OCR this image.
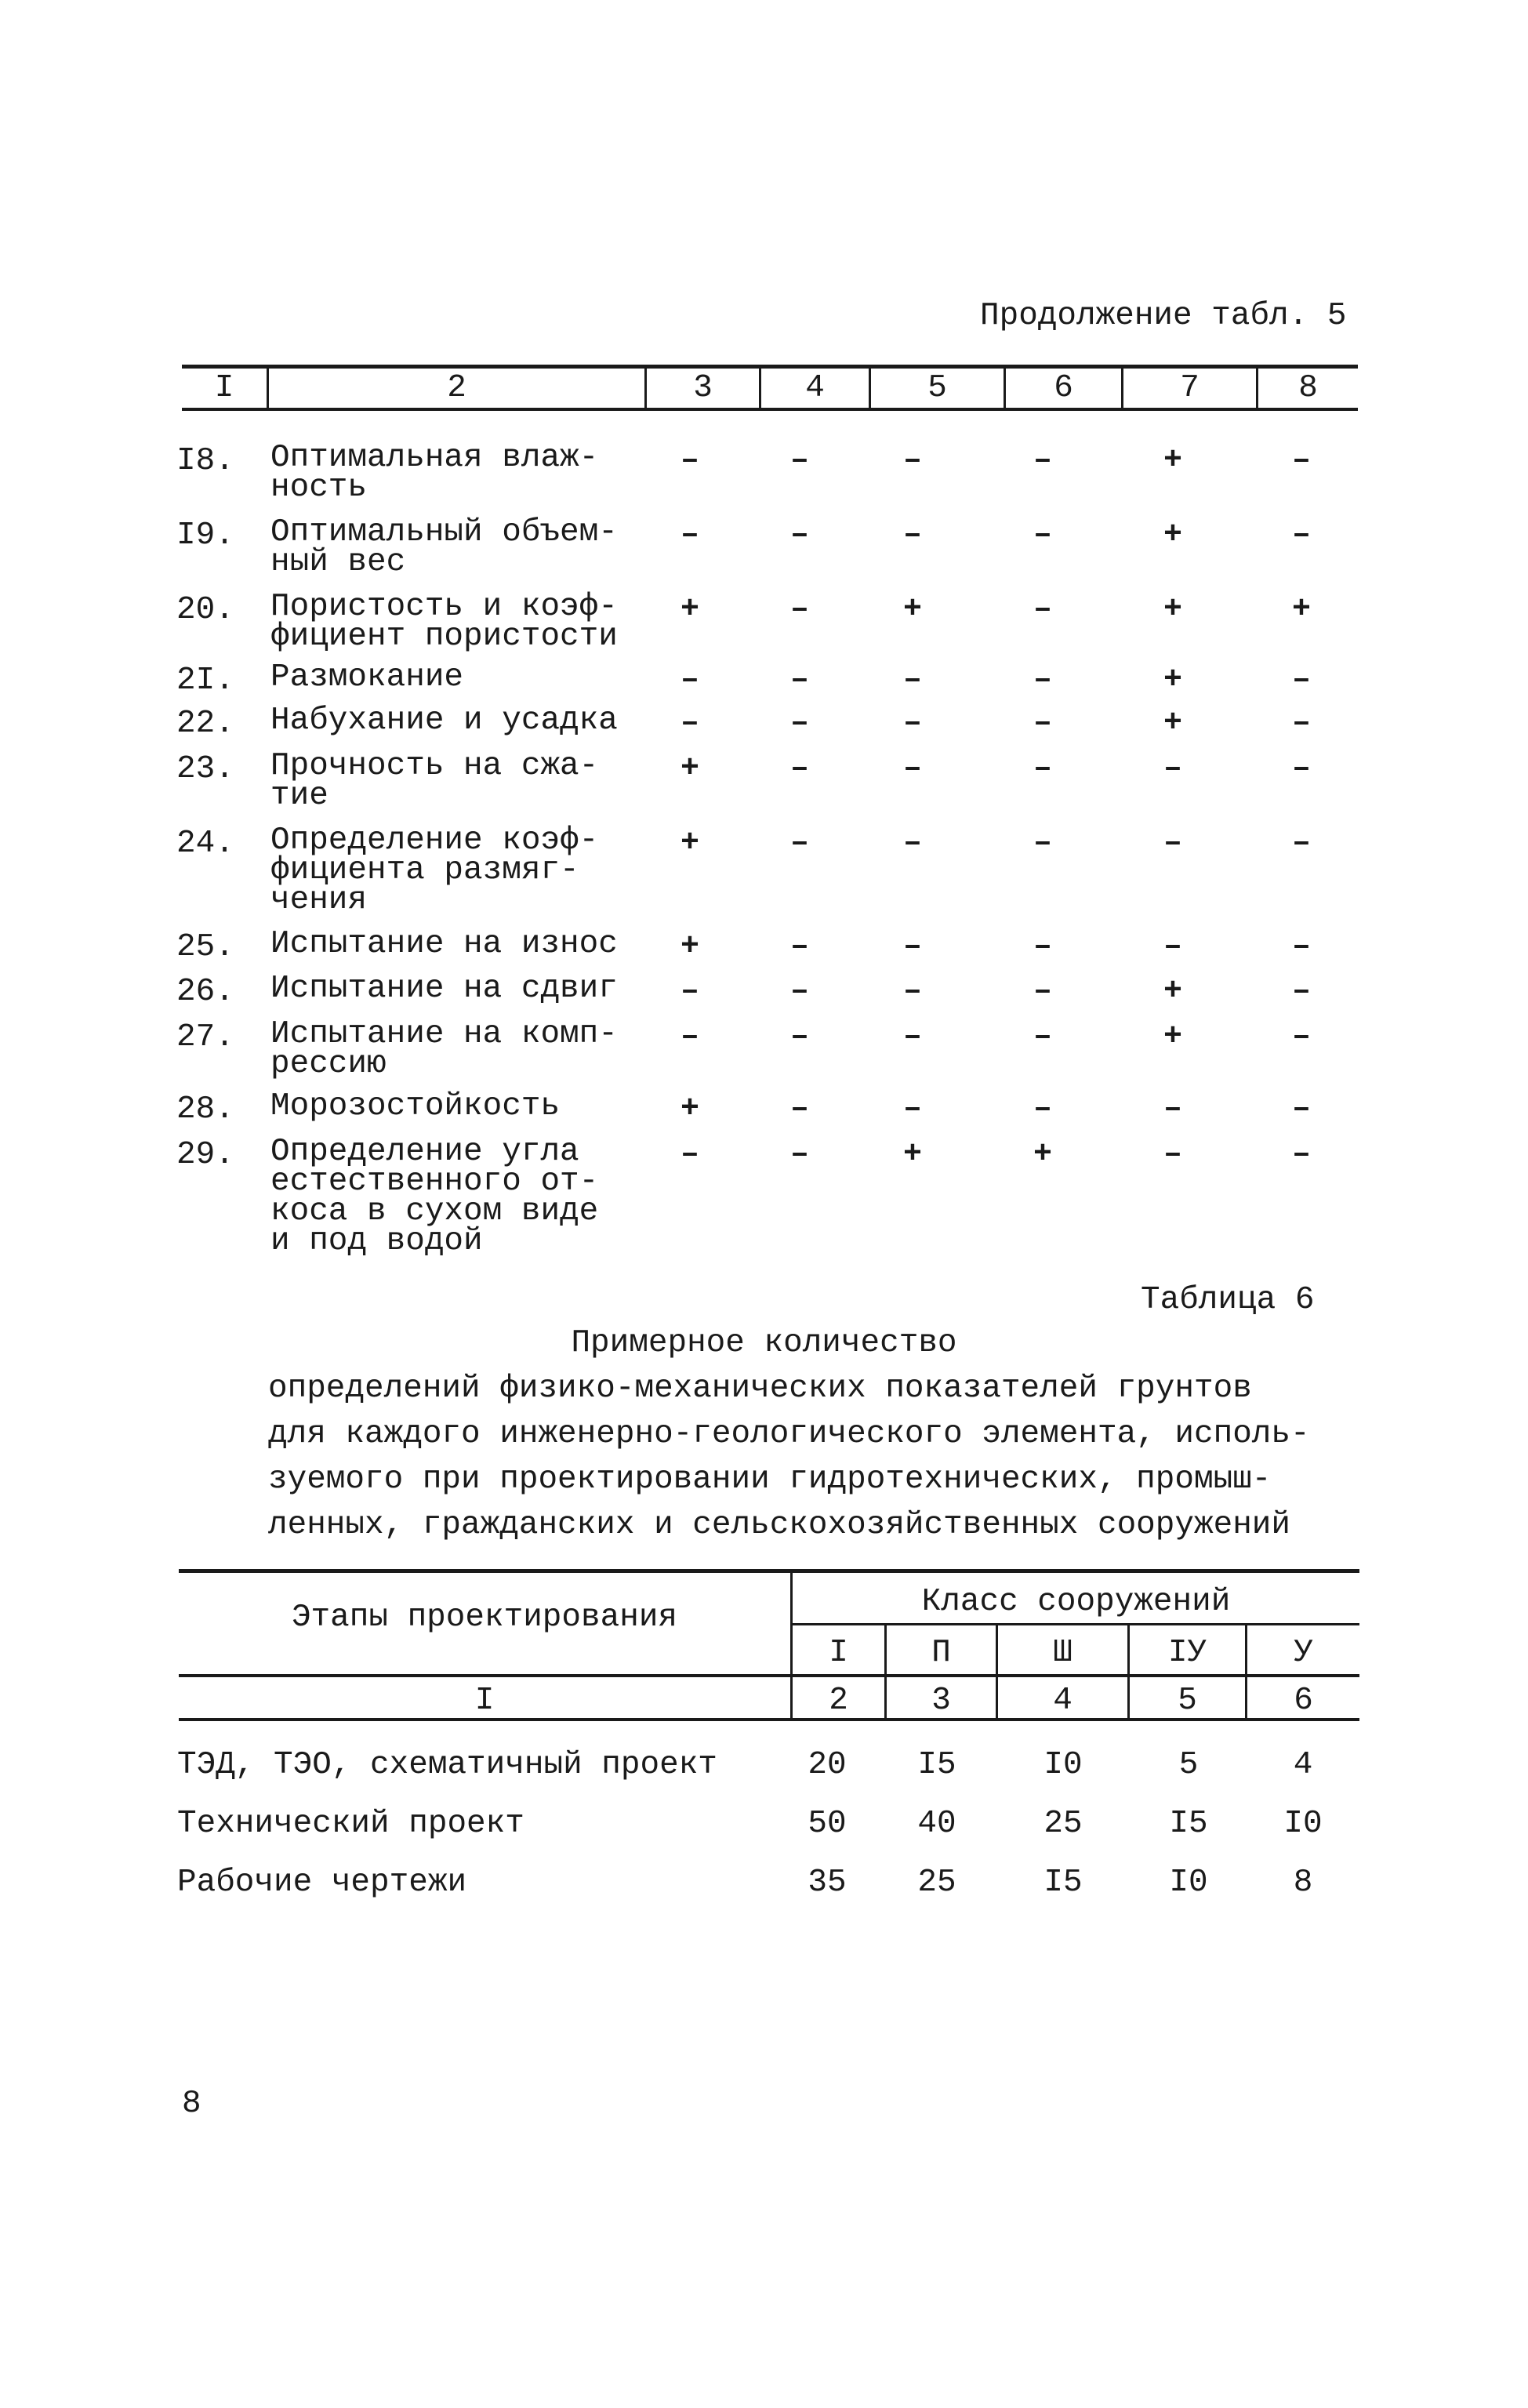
Продолжение табл. 5
I	2	3	4	5	6	7	8
I8. Оптимальная влаж-
ность
–	–	–	–	+	–
I9. Оптимальный объем-
ный вес
–	–	–	–	+	–
20. Пористость и коэф-
фициент пористости
+	–	+	–	+	+
2I. Размокание	–	–	–	–	+	–
22. Набухание и усадка	–	–	–	–	+	–
23. Прочность на сжа-
тие
+	–	–	–	–	–
24. Определение коэф-
фициента размяг-
чения
+	–	–	–	–	–
25. Испытание на износ	+	–	–	–	–	–
26. Испытание на сдвиг	–	–	–	–	+	–
27. Испытание на комп-
рессию
–	–	–	–	+	–
28. Морозостойкость	+	–	–	–	–	–
29. Определение угла
естественного от-
коса в сухом виде
и под водой
–	–	+	+	–	–
Таблица 6
Примерное количество
определений физико-механических показателей грунтов
для каждого инженерно-геологического элемента, исполь-
зуемого при проектировании гидротехнических, промыш-
ленных, гражданских и сельскохозяйственных сооружений
Этапы проектирования	Класс сооружений
I	П	Ш	IУ	У
I	2	3	4	5	6
ТЭД, ТЭО, схематичный проект	20	I5	I0	5	4
Технический проект	50	40	25	I5	I0
Рабочие чертежи	35	25	I5	I0	8
8
